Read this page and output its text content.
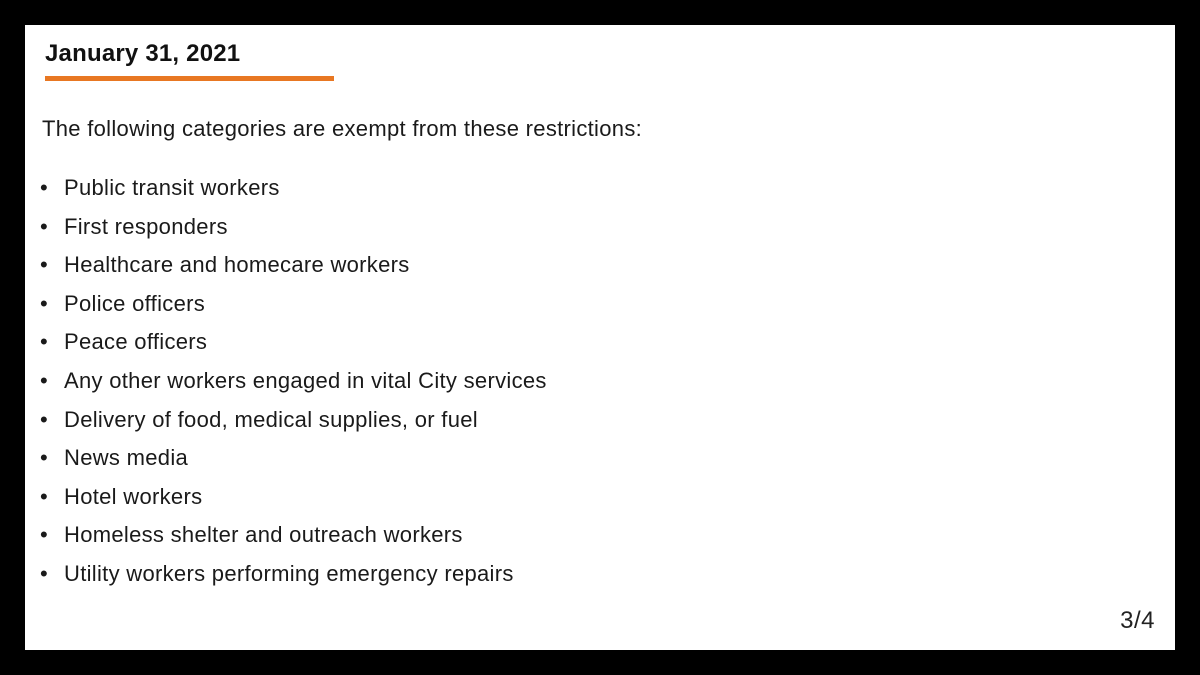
January 31, 2021
The following categories are exempt from these restrictions:
• Public transit workers
• First responders
• Healthcare and homecare workers
• Police officers
• Peace officers
• Any other workers engaged in vital City services
• Delivery of food, medical supplies, or fuel
• News media
• Hotel workers
• Homeless shelter and outreach workers
• Utility workers performing emergency repairs
3/4
